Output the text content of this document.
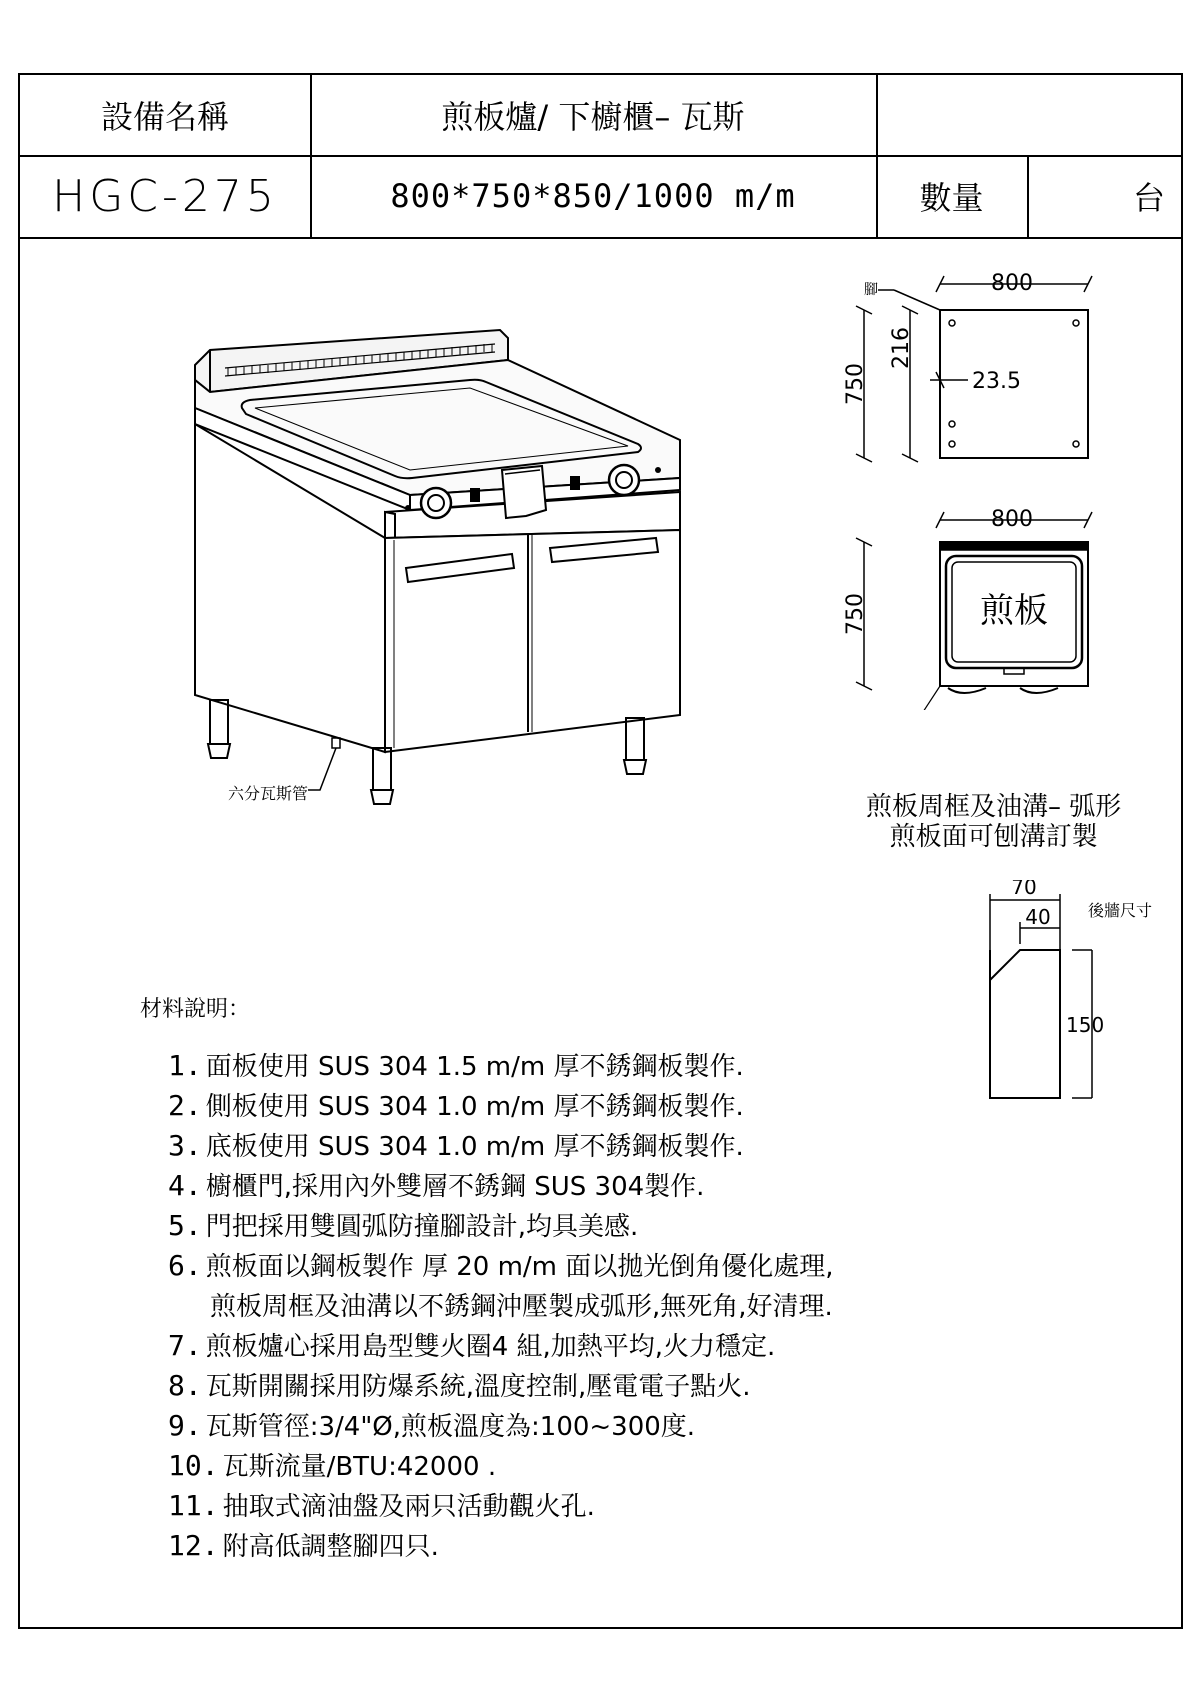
設備名稱	煎板爐/ 下櫥櫃– 瓦斯
HGC-275	800*750*850/1000 m/m	數量	台
六分瓦斯管
800
750
216
23.5
腳
800
750	煎板
煎板周框及油溝– 弧形
煎板面可刨溝訂製
70
40
150
後牆尺寸
材料說明：
1. 面板使用 SUS 304 1.5 m/m 厚不銹鋼板製作.
2. 側板使用 SUS 304 1.0 m/m 厚不銹鋼板製作.
3. 底板使用 SUS 304 1.0 m/m 厚不銹鋼板製作.
4. 櫥櫃門,採用內外雙層不銹鋼 SUS 304製作.
5. 門把採用雙圓弧防撞腳設計,均具美感.
6. 煎板面以鋼板製作 厚 20 m/m 面以拋光倒角優化處理,
煎板周框及油溝以不銹鋼沖壓製成弧形,無死角,好清理.
7. 煎板爐心採用島型雙火圈4 組,加熱平均,火力穩定.
8. 瓦斯開關採用防爆系統,溫度控制,壓電電子點火.
9. 瓦斯管徑:3/4"Ø,煎板溫度為:100~300度.
10. 瓦斯流量/BTU:42000 .
11. 抽取式滴油盤及兩只活動觀火孔.
12. 附高低調整腳四只.
